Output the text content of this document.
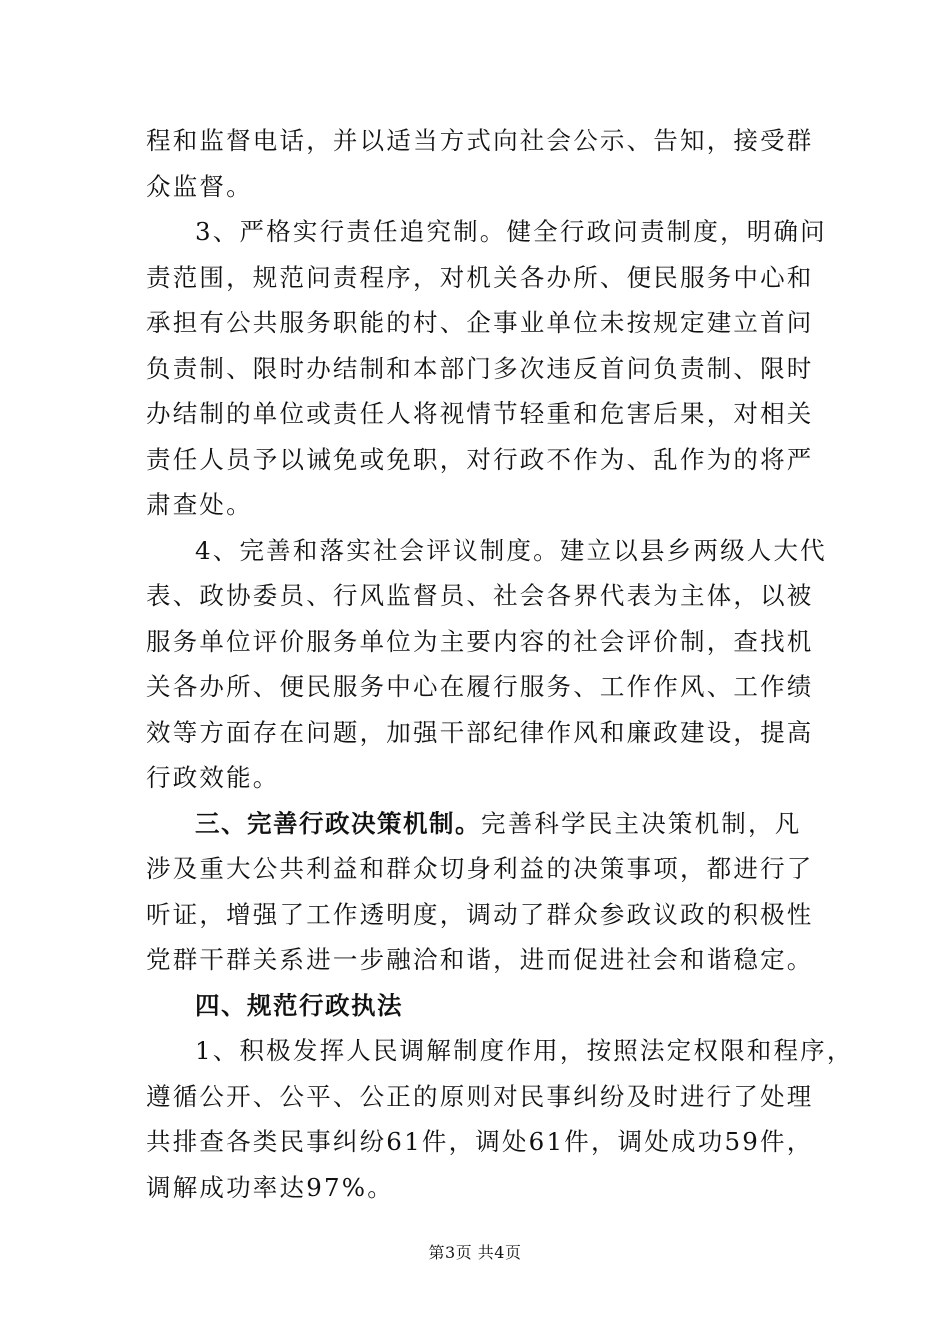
程和监督电话，并以适当方式向社会公示、告知，接受群
众监督。
3、严格实行责任追究制。健全行政问责制度，明确问
责范围，规范问责程序，对机关各办所、便民服务中心和
承担有公共服务职能的村、企事业单位未按规定建立首问
负责制、限时办结制和本部门多次违反首问负责制、限时
办结制的单位或责任人将视情节轻重和危害后果，对相关
责任人员予以诫免或免职，对行政不作为、乱作为的将严
肃查处。
4、完善和落实社会评议制度。建立以县乡两级人大代
表、政协委员、行风监督员、社会各界代表为主体，以被
服务单位评价服务单位为主要内容的社会评价制，查找机
关各办所、便民服务中心在履行服务、工作作风、工作绩
效等方面存在问题，加强干部纪律作风和廉政建设，提高
行政效能。
三、完善行政决策机制。完善科学民主决策机制，凡
涉及重大公共利益和群众切身利益的决策事项，都进行了
听证，增强了工作透明度，调动了群众参政议政的积极性
党群干群关系进一步融洽和谐，进而促进社会和谐稳定。
四、规范行政执法
1、积极发挥人民调解制度作用，按照法定权限和程序，
遵循公开、公平、公正的原则对民事纠纷及时进行了处理
共排查各类民事纠纷61件，调处61件，调处成功59件，
调解成功率达97%。
第3页 共4页
